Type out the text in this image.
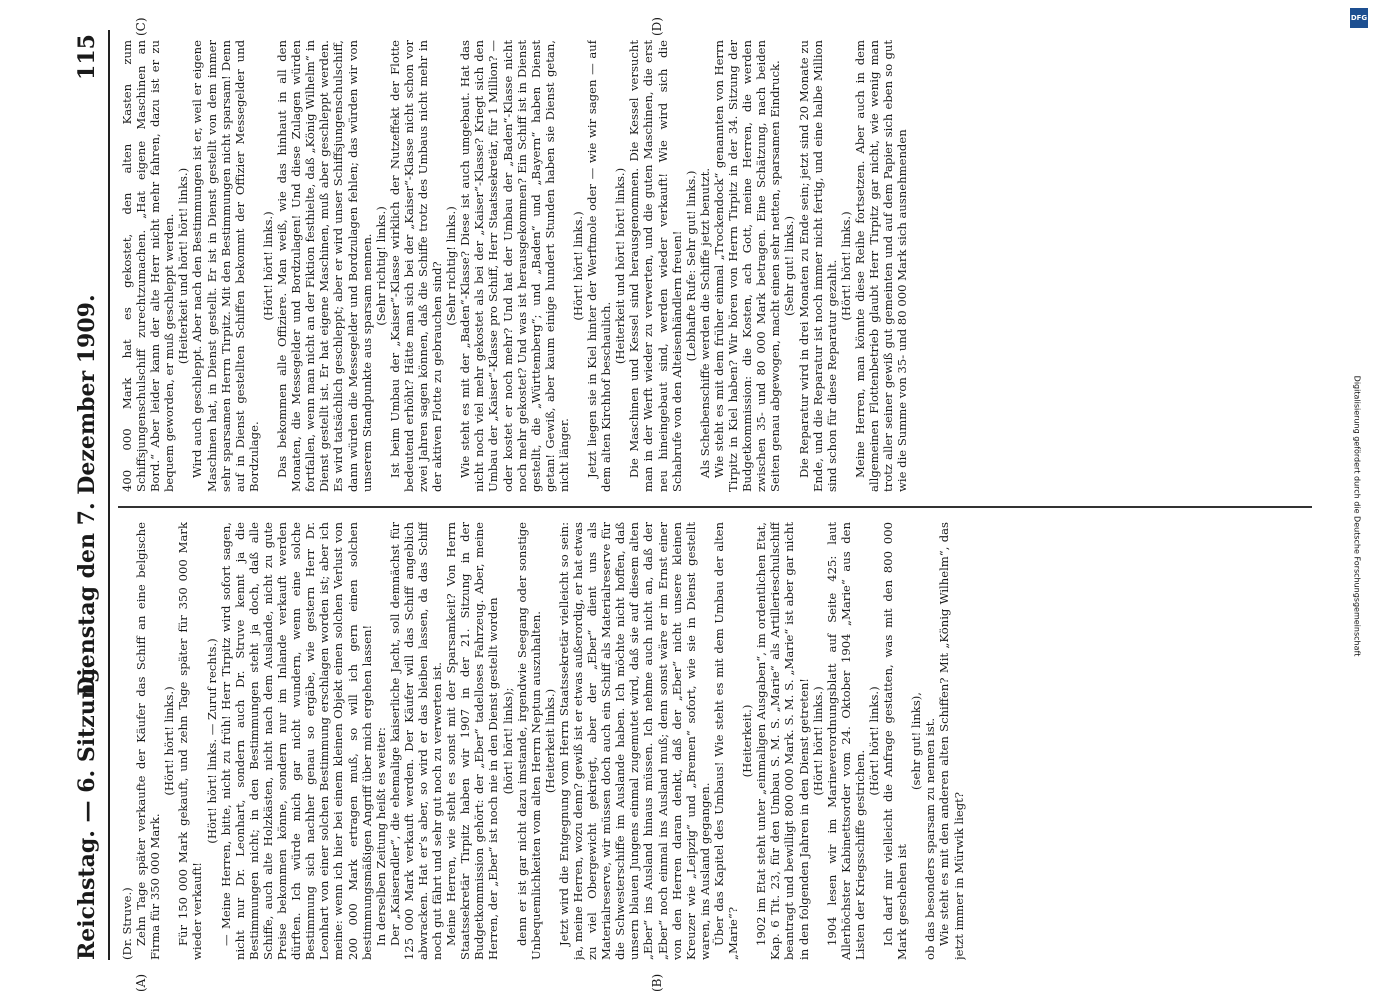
Reichstag. — 6. Sitzung.
Dienstag den 7. Dezember 1909.
115
(A)	(B)
(C)	(D)

(Dr. Struve.) Zehn Tage später verkaufte der Käufer das Schiff an eine belgische Firma für 350 000 Mark.

(Hört! hört! links.) Für 150 000 Mark gekauft, und zehn Tage später für 350 000 Mark wieder verkauft!

(Hört! hört! links. — Zuruf rechts.) — Meine Herren, bitte, nicht zu früh! Herr Tirpitz wird sofort sagen, nicht nur Dr. Leonhart, sondern auch Dr. Struve kennt ja die Bestimmungen nicht; in den Bestimmungen steht ja doch, daß alle Schiffe, auch alte Holzkästen, nicht nach dem Auslande, nicht zu gute Preise bekommen könne, sondern nur im Inlande verkauft werden dürften. Ich würde mich gar nicht wundern, wenn eine solche Bestimmung sich nachher genau so ergäbe, wie gestern Herr Dr. Leonhart von einer solchen Bestimmung erschlagen worden ist; aber ich meine: wenn ich hier bei einem kleinen Objekt einen solchen Verlust von 200 000 Mark ertragen muß, so will ich gern einen solchen bestimmungsmäßigen Angriff über mich ergehen lassen! In derselben Zeitung heißt es weiter: Der „Kaiseradler“, die ehemalige kaiserliche Jacht, soll demnächst für 125 000 Mark verkauft werden. Der Käufer will das Schiff angeblich abwracken. Hat er’s aber, so wird er das bleiben lassen, da das Schiff noch gut fährt und sehr gut noch zu verwerten ist. Meine Herren, wie steht es sonst mit der Sparsamkeit? Von Herrn Staatssekretär Tirpitz haben wir 1907 in der 21. Sitzung in der Budgetkommission gehört: der „Eber“ tadelloses Fahrzeug. Aber, meine Herren, der „Eber“ ist noch nie in den Dienst gestellt worden (hört! hört! links); denn er ist gar nicht dazu imstande, irgendwie Seegang oder sonstige Unbequemlichkeiten vom alten Herrn Neptun auszuhalten. (Heiterkeit links.) Jetzt wird die Entgegnung vom Herrn Staatssekretär vielleicht so sein: ja, meine Herren, wozu denn? gewiß ist er etwas außerordig, er hat etwas zu viel Obergewicht gekriegt, aber der „Eber“ dient uns als Materialreserve, wir müssen doch auch ein Schiff als Materialreserve für die Schwesterschiffe im Auslande haben. Ich möchte nicht hoffen, daß unsern blauen Jungens einmal zugemutet wird, daß sie auf diesem alten „Eber“ ins Ausland hinaus müssen. Ich nehme auch nicht an, daß der „Eber“ noch einmal ins Ausland muß; denn sonst wäre er im Ernst einer von den Herren daran denkt, daß der „Eber“ nicht unsere kleinen Kreuzer wie „Leipzig“ und „Bremen“ sofort, wie sie in Dienst gestellt waren, ins Ausland gegangen. Über das Kapitel des Umbaus! Wie steht es mit dem Umbau der alten „Marie“?

(Heiterkeit.) 1902 im Etat steht unter „einmaligen Ausgaben“, im ordentlichen Etat, Kap. 6 Tit. 23, für den Umbau S. M. S. „Marie“ als Artillerieschulschiff beantragt und bewilligt 800 000 Mark. S. M. S. „Marie“ ist aber gar nicht in den folgenden Jahren in den Dienst getreten! (Hört! hört! links.) 1904 lesen wir im Marineverordnungsblatt auf Seite 425: laut Allerhöchster Kabinettsorder vom 24. Oktober 1904 „Marie“ aus den Listen der Kriegsschiffe gestrichen.

(Hört! hört! links.) Ich darf mir vielleicht die Anfrage gestatten, was mit den 800 000 Mark geschehen ist

(sehr gut! links), ob das besonders sparsam zu nennen ist. Wie steht es mit den anderen alten Schiffen? Mit „König Wilhelm“, das jetzt immer in Mürwik liegt?

400 000 Mark hat es gekostet, den alten Kasten zum Schiffsjungenschulschiff zurechtzumachen. „Hat eigene Maschinen an Bord.“ Aber leider kann der alte Herr nicht mehr fahren, dazu ist er zu bequem geworden, er muß geschleppt werden. (Heiterkeit und hört! hört! links.) Wird auch geschleppt. Aber nach den Bestimmungen ist er, weil er eigene Maschinen hat, in Dienst gestellt. Er ist in Dienst gestellt von dem immer sehr sparsamen Herrn Tirpitz. Mit den Bestimmungen nicht sparsam! Denn auf in Dienst gestellten Schiffen bekommt der Offizier Messegelder und Bordzulage.

(Hört! hört! links.) Das bekommen alle Offiziere. Man weiß, wie das hinhaut in all den Monaten, die Messegelder und Bordzulagen! Und diese Zulagen würden fortfallen, wenn man nicht an der Fiktion festhielte, daß „König Wilhelm“ in Dienst gestellt ist. Er hat eigene Maschinen, muß aber geschleppt werden. Es wird tatsächlich geschleppt; aber er wird unser Schiffsjungenschulschiff, dann würden die Messegelder und Bordzulagen fehlen; das würden wir von unserem Standpunkte aus sparsam nennen. (Sehr richtig! links.) Ist beim Umbau der „Kaiser“-Klasse wirklich der Nutzeffekt der Flotte bedeutend erhöht? Hätte man sich bei der „Kaiser“-Klasse nicht schon vor zwei Jahren sagen können, daß die Schiffe trotz des Umbaus nicht mehr in der aktiven Flotte zu gebrauchen sind? (Sehr richtig! links.) Wie steht es mit der „Baden“-Klasse? Diese ist auch umgebaut. Hat das nicht noch viel mehr gekostet als bei der „Kaiser“-Klasse? Kriegt sich den Umbau der „Kaiser“-Klasse pro Schiff, Herr Staatssekretär, für 1 Million? — oder kostet er noch mehr? Und hat der Umbau der „Baden“-Klasse nicht noch mehr gekostet? Und was ist herausgekommen? Ein Schiff ist in Dienst gestellt, die „Württemberg“; und „Baden“ und „Bayern“ haben Dienst getan! Gewiß, aber kaum einige hundert Stunden haben sie Dienst getan, nicht länger.

(Hört! hört! links.) Jetzt liegen sie in Kiel hinter der Werftmole oder — wie wir sagen — auf dem alten Kirchhof beschaulich.

(Heiterkeit und hört! hört! links.) Die Maschinen und Kessel sind herausgenommen. Die Kessel versucht man in der Werft wieder zu verwerten, und die guten Maschinen, die erst neu hineingebaut sind, werden wieder verkauft! Wie wird sich die Schabrufe von den Alteisenhändlern freuen! (Lebhafte Rufe: Sehr gut! links.) Als Scheibenschiffe werden die Schiffe jetzt benutzt. Wie steht es mit dem früher einmal „Trockendock“ genannten von Herrn Tirpitz in Kiel haben? Wir hören von Herrn Tirpitz in der 34. Sitzung der Budgetkommission: die Kosten, ach Gott, meine Herren, die werden zwischen 35- und 80 000 Mark betragen. Eine Schätzung, nach beiden Seiten genau abgewogen, macht einen sehr netten, sparsamen Eindruck. (Sehr gut! links.) Die Reparatur wird in drei Monaten zu Ende sein; jetzt sind 20 Monate zu Ende, und die Reparatur ist noch immer nicht fertig, und eine halbe Million sind schon für diese Reparatur gezahlt. (Hört! hört! links.) Meine Herren, man könnte diese Reihe fortsetzen. Aber auch in dem allgemeinen Flottenbetrieb glaubt Herr Tirpitz gar nicht, wie wenig man trotz aller seiner gewiß gut gemeinten und auf dem Papier sich eben so gut wie die Summe von 35- und 80 000 Mark sich ausnehmenden

DFG
Digitalisierung gefördert durch die Deutsche Forschungsgemeinschaft
